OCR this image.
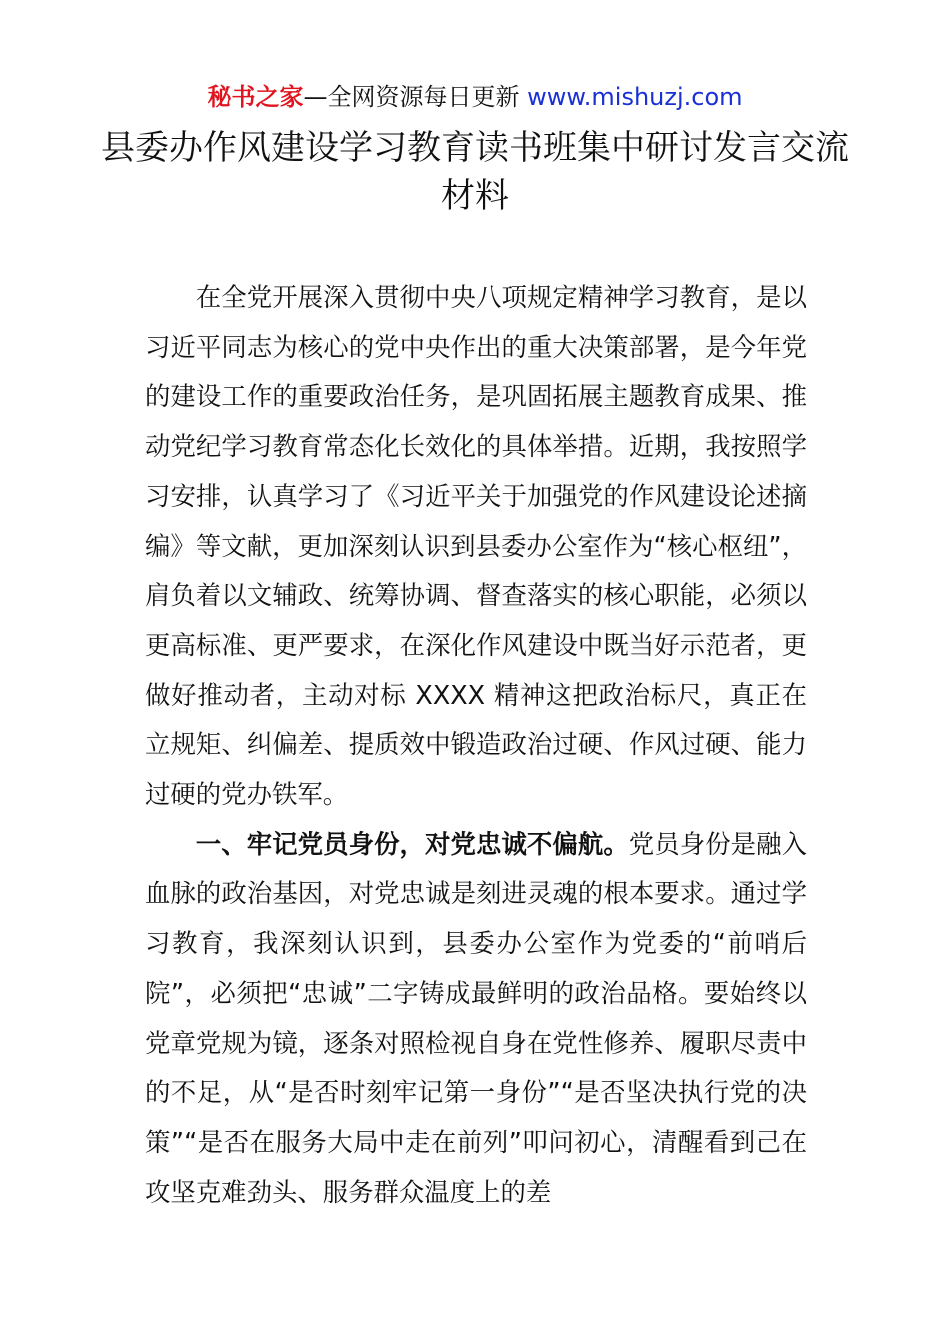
秘书之家—全网资源每日更新 www.mishuzj.com
县委办作风建设学习教育读书班集中研讨发言交流材料

在全党开展深入贯彻中央八项规定精神学习教育，是以习近平同志为核心的党中央作出的重大决策部署，是今年党的建设工作的重要政治任务，是巩固拓展主题教育成果、推动党纪学习教育常态化长效化的具体举措。近期，我按照学习安排，认真学习了《习近平关于加强党的作风建设论述摘编》等文献，更加深刻认识到县委办公室作为“核心枢纽”，肩负着以文辅政、统筹协调、督查落实的核心职能，必须以更高标准、更严要求，在深化作风建设中既当好示范者，更做好推动者，主动对标 XXXX 精神这把政治标尺，真正在立规矩、纠偏差、提质效中锻造政治过硬、作风过硬、能力过硬的党办铁军。

一、牢记党员身份，对党忠诚不偏航。党员身份是融入血脉的政治基因，对党忠诚是刻进灵魂的根本要求。通过学习教育，我深刻认识到，县委办公室作为党委的“前哨后院”，必须把“忠诚”二字铸成最鲜明的政治品格。要始终以党章党规为镜，逐条对照检视自身在党性修养、履职尽责中的不足，从“是否时刻牢记第一身份”“是否坚决执行党的决策”“是否在服务大局中走在前列”叩问初心，清醒看到己在攻坚克难劲头、服务群众温度上的差
